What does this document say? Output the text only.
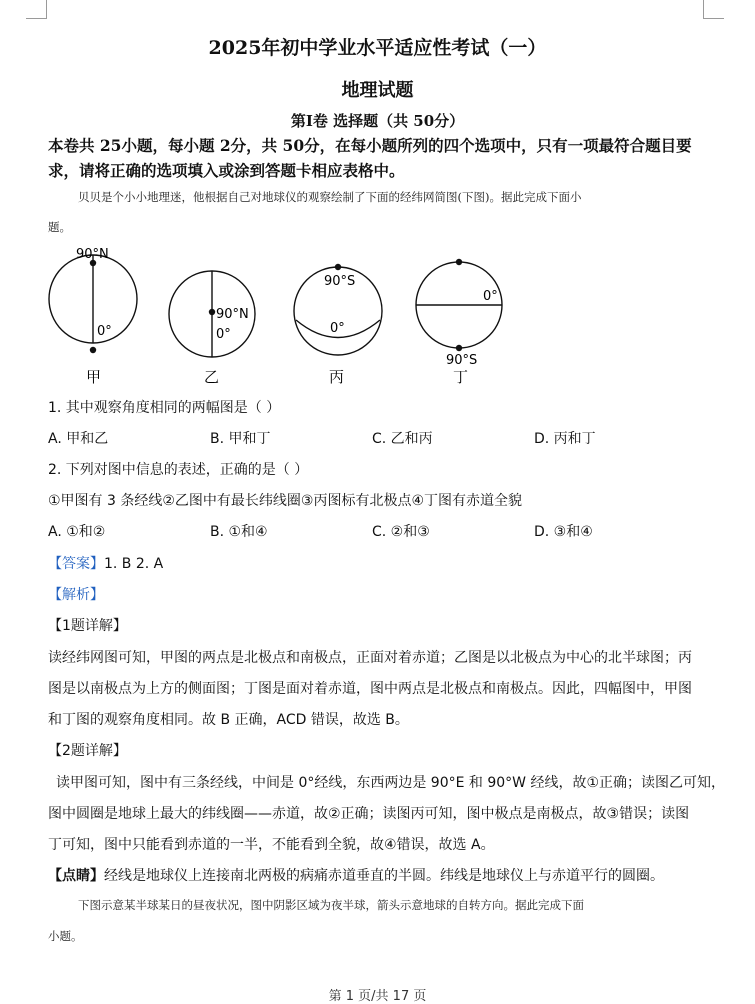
2025年初中学业水平适应性考试（一）
地理试题
第Ⅰ卷 选择题（共 50分）
本卷共 25小题，每小题 2分，共 50分，在每小题所列的四个选项中，只有一项最符合题目要
求，请将正确的选项填入或涂到答题卡相应表格中。
贝贝是个小小地理迷，他根据自己对地球仪的观察绘制了下面的经纬网简图(下图)。据此完成下面小
题。
90°N
0°
90°N
0°
90°S
0°
0°
90°S
甲	乙	丙	丁
1. 其中观察角度相同的两幅图是（ ）
A. 甲和乙	B. 甲和丁	C. 乙和丙	D. 丙和丁
2. 下列对图中信息的表述，正确的是（ ）
①甲图有 3 条经线②乙图中有最长纬线圈③丙图标有北极点④丁图有赤道全貌
A. ①和②	B. ①和④	C. ②和③	D. ③和④
【答案】1. B 2. A
【解析】
【1题详解】
读经纬网图可知，甲图的两点是北极点和南极点，正面对着赤道；乙图是以北极点为中心的北半球图；丙
图是以南极点为上方的侧面图；丁图是面对着赤道，图中两点是北极点和南极点。因此，四幅图中，甲图
和丁图的观察角度相同。故 B 正确，ACD 错误，故选 B。
【2题详解】
读甲图可知，图中有三条经线，中间是 0°经线，东西两边是 90°E 和 90°W 经线，故①正确；读图乙可知，
图中圆圈是地球上最大的纬线圈——赤道，故②正确；读图丙可知，图中极点是南极点，故③错误；读图
丁可知，图中只能看到赤道的一半，不能看到全貌，故④错误，故选 A。
【点睛】经线是地球仪上连接南北两极的病痛赤道垂直的半圆。纬线是地球仪上与赤道平行的圆圈。
下图示意某半球某日的昼夜状况，图中阴影区域为夜半球，箭头示意地球的自转方向。据此完成下面
小题。
第 1 页/共 17 页
